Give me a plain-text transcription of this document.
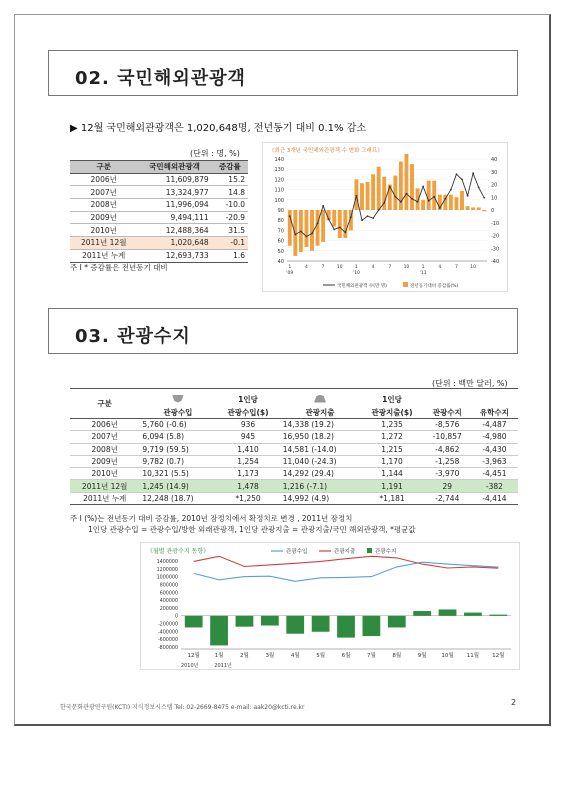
02. 국민해외관광객
▶ 12월 국민해외관광객은 1,020,648명, 전년동기 대비 0.1% 감소
(단위 : 명, %)
구분	국민해외관광객	증감률
2006년	11,609,879	15.2
2007년	13,324,977	14.8
2008년	11,996,094	-10.0
2009년	9,494,111	-20.9
2010년	12,488,364	31.5
2011년 12월	1,020,648	-0.1
2011년 누계	12,693,733	1.6
주 I * 증감률은 전년동기 대비
《최근 3개년 국민해외관광객 수 변화 그래프》
140
130
120
110
100
90
80
70
60
50
40
40
30
20
10
0
-10
-20
-30
-40
1	4	7	10	1	4	7	10	1	4	7	10
'09	'10	'11
국민해외관광객 수(만 명)	전년동기대비 증감률(%)
03. 관광수지
(단위 : 백만 달러, %)
구분		1인당		1인당		
	관광수입	관광수입($)	관광지출	관광지출($)	관광수지	유학수지
2006년	5,760 (-0.6)	936	14,338 (19.2)	1,235	-8,576	-4,487
2007년	6,094 (5.8)	945	16,950 (18.2)	1,272	-10,857	-4,980
2008년	9,719 (59.5)	1,410	14,581 (-14.0)	1,215	-4,862	-4,430
2009년	9,782 (0.7)	1,254	11,040 (-24.3)	1,170	-1,258	-3,963
2010년	10,321 (5.5)	1,173	14,292 (29.4)	1,144	-3,970	-4,451
2011년 12월	1,245 (14.9)	1,478	1,216 (-7.1)	1,191	29	-382
2011년 누계	12,248 (18.7)	*1,250	14,992 (4.9)	*1,181	-2,744	-4,414
주 I (%)는 전년동기 대비 증감률, 2010년 잠정치에서 확정치로 변경 , 2011년 잠정치
1인당 관광수입 = 관광수입/방한 외래관광객, 1인당 관광지출 = 관광지출/국민 해외관광객, *평균값
《월별 관광수지 동향》	관광수입	관광지출	관광수지
1400000
1200000
1000000
800000
600000
400000
200000
0
-200000
-400000
-600000
-800000
12월	1월	2월	3월	4월	5월	6월	7월	8월	9월	10월 11월 12월
2010년	2011년
한국문화관광연구원(KCTI) 지식정보시스템 Tel: 02-2669-8475 e-mail: aak20@kcti.re.kr
2
